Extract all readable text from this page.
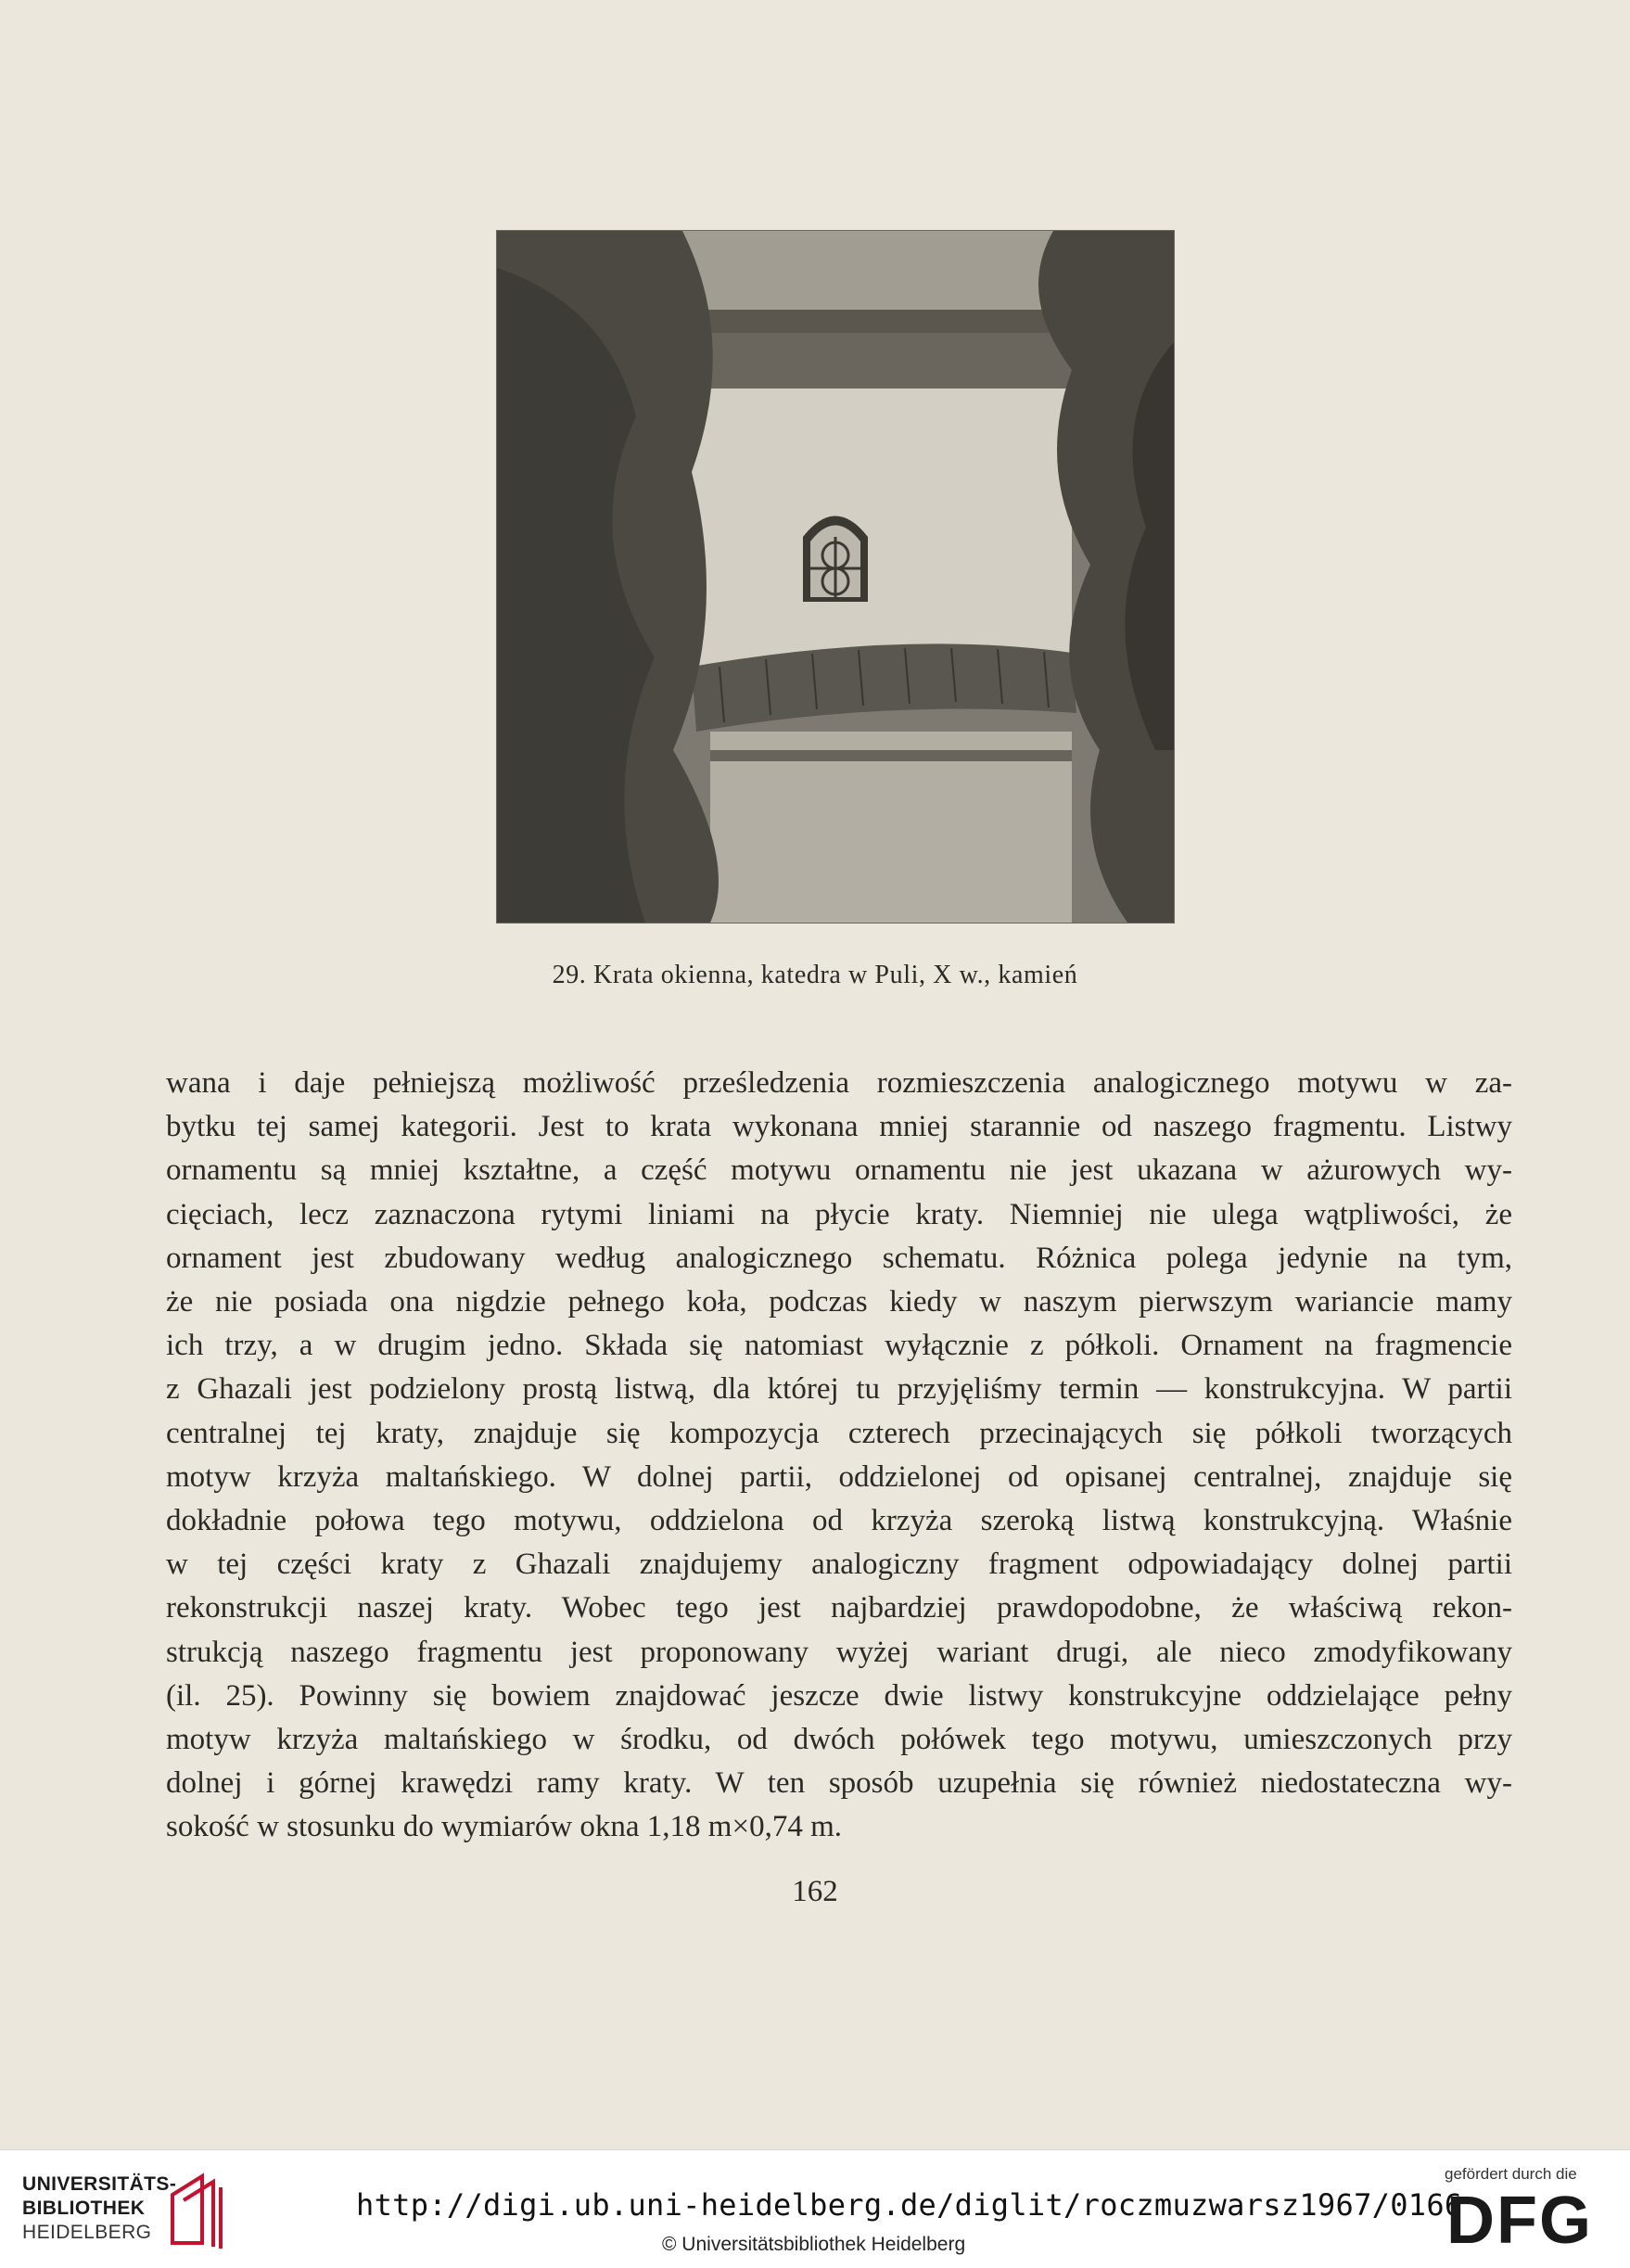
29. Krata okienna, katedra w Puli, X w., kamień
wana i daje pełniejszą możliwość prześledzenia rozmieszczenia analogicznego motywu w za-
bytku tej samej kategorii. Jest to krata wykonana mniej starannie od naszego fragmentu. Listwy
ornamentu są mniej kształtne, a część motywu ornamentu nie jest ukazana w ażurowych wy-
cięciach, lecz zaznaczona rytymi liniami na płycie kraty. Niemniej nie ulega wątpliwości, że
ornament jest zbudowany według analogicznego schematu. Różnica polega jedynie na tym,
że nie posiada ona nigdzie pełnego koła, podczas kiedy w naszym pierwszym wariancie mamy
ich trzy, a w drugim jedno. Składa się natomiast wyłącznie z półkoli. Ornament na fragmencie
z Ghazali jest podzielony prostą listwą, dla której tu przyjęliśmy termin — konstrukcyjna. W partii
centralnej tej kraty, znajduje się kompozycja czterech przecinających się półkoli tworzących
motyw krzyża maltańskiego. W dolnej partii, oddzielonej od opisanej centralnej, znajduje się
dokładnie połowa tego motywu, oddzielona od krzyża szeroką listwą konstrukcyjną. Właśnie
w tej części kraty z Ghazali znajdujemy analogiczny fragment odpowiadający dolnej partii
rekonstrukcji naszej kraty. Wobec tego jest najbardziej prawdopodobne, że właściwą rekon-
strukcją naszego fragmentu jest proponowany wyżej wariant drugi, ale nieco zmodyfikowany
(il. 25). Powinny się bowiem znajdować jeszcze dwie listwy konstrukcyjne oddzielające pełny
motyw krzyża maltańskiego w środku, od dwóch połówek tego motywu, umieszczonych przy
dolnej i górnej krawędzi ramy kraty. W ten sposób uzupełnia się również niedostateczna wy-
sokość w stosunku do wymiarów okna 1,18 m×0,74 m.
162
UNIVERSITÄTS-
BIBLIOTHEK
HEIDELBERG
http://digi.ub.uni-heidelberg.de/diglit/roczmuzwarsz1967/0166
© Universitätsbibliothek Heidelberg
gefördert durch die
DFG
